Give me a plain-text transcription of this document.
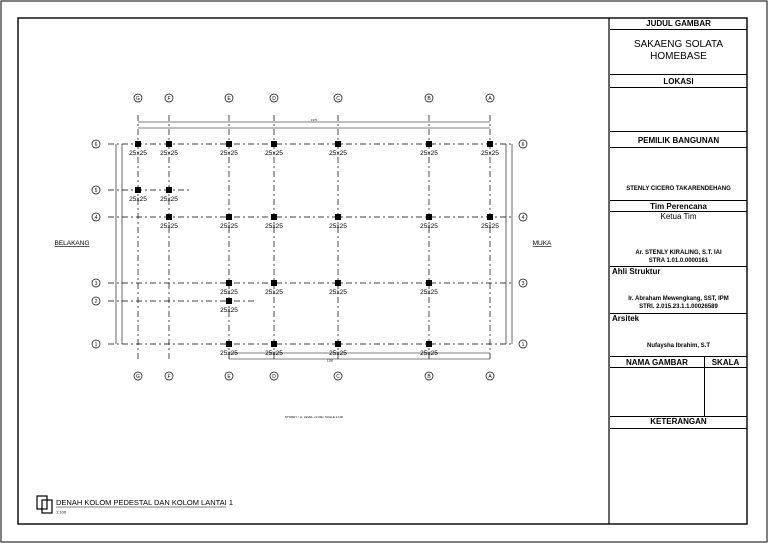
1370
1150
G	F	E	D	C	B	A
G	F	E	D	C	B	A
6
5
4
3
2
1
6
4
3
1
25x25 25x25	25x25	25x25	25x25	25x25	25x25
25x25 25x25
25x25	25x25	25x25	25x25	25x25	25x25
25x25	25x25	25x25	25x25
25x25
25x25	25x25	25x25	25x25
BELAKANG	MUKA
STOREY / Lt. LEVEL +0.00m SCALE 1:100
DENAH KOLOM PEDESTAL DAN KOLOM LANTAI 1
1:100
JUDUL GAMBAR
SAKAENG SOLATA HOMEBASE
LOKASI
PEMILIK BANGUNAN
STENLY CICERO TAKARENDEHANG
Tim Perencana
Ketua Tim
Ar. STENLY KIRALING, S.T. IAI
STRA 1.01.0.0000161
Ahli Struktur
Ir. Abraham Mewengkang, SST, IPM
STRI. 2.015.23.1.1.00026589
Arsitek
Nufaysha Ibrahim, S.T
NAMA GAMBAR	SKALA
KETERANGAN
